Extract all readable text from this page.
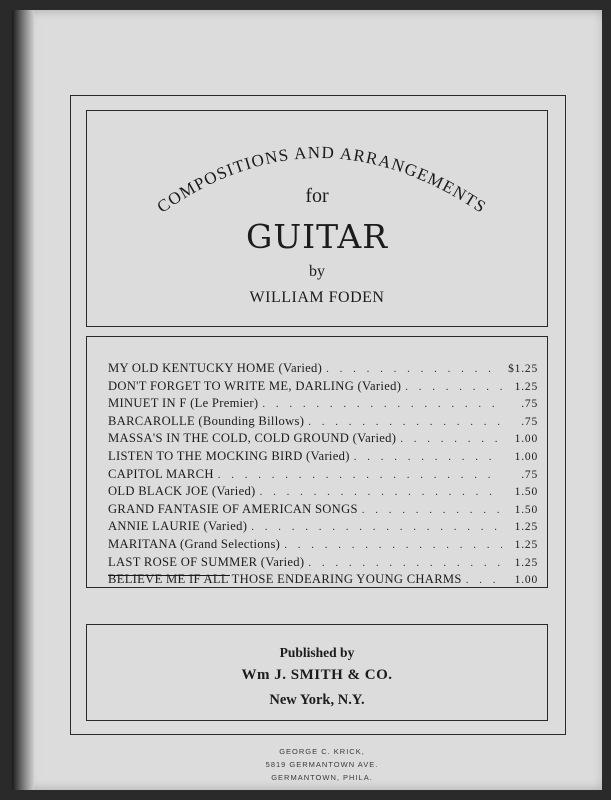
COMPOSITIONS AND ARRANGEMENTS
for
GUITAR
by
WILLIAM FODEN
MY OLD KENTUCKY HOME (Varied) . . .	$1.25
DON'T FORGET TO WRITE ME, DARLING (Varied) . . .	1.25
MINUET IN F (Le Premier) . . .	.75
BARCAROLLE (Bounding Billows) . . .	.75
MASSA'S IN THE COLD, COLD GROUND (Varied) . . .	1.00
LISTEN TO THE MOCKING BIRD (Varied) . . .	1.00
CAPITOL MARCH . . .	.75
OLD BLACK JOE (Varied) . . .	1.50
GRAND FANTASIE OF AMERICAN SONGS . . .	1.50
ANNIE LAURIE (Varied) . . .	1.25
MARITANA (Grand Selections) . . .	1.25
LAST ROSE OF SUMMER (Varied) . . .	1.25
BELIEVE ME IF ALL THOSE ENDEARING YOUNG CHARMS . . .	1.00
Published by
Wm J. SMITH & CO.
New York, N.Y.
GEORGE C. KRICK,
5819 GERMANTOWN AVE.
GERMANTOWN, PHILA.
